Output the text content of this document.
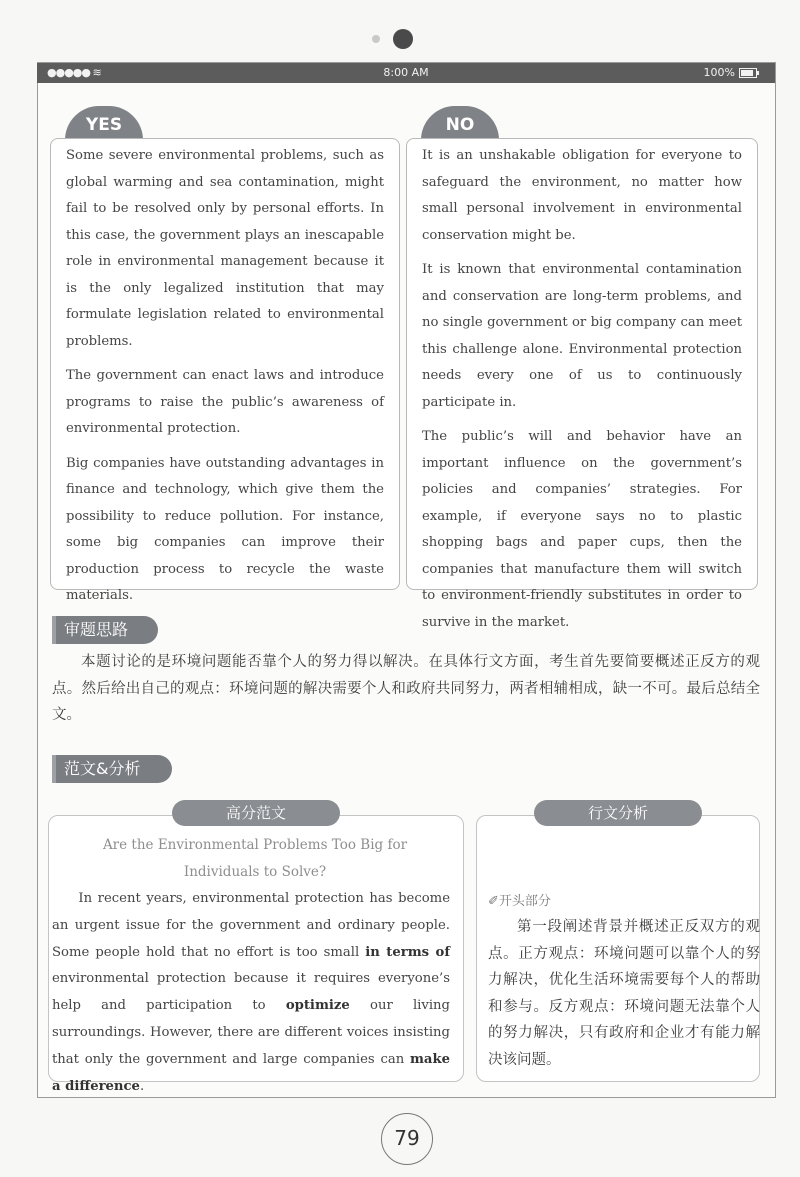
●●●●● ≋	8:00 AM	100%
YES

Some severe environmental problems, such as global warming and sea contamination, might fail to be resolved only by personal efforts. In this case, the government plays an inescapable role in environmental management because it is the only legalized institution that may formulate legislation related to environmental problems.

The government can enact laws and introduce programs to raise the public’s awareness of environmental protection.

Big companies have outstanding advantages in finance and technology, which give them the possibility to reduce pollution. For instance, some big companies can improve their production process to recycle the waste materials.

NO

It is an unshakable obligation for everyone to safeguard the environment, no matter how small personal involvement in environmental conservation might be.

It is known that environmental contamination and conservation are long-term problems, and no single government or big company can meet this challenge alone. Environmental protection needs every one of us to continuously participate in.

The public’s will and behavior have an important influence on the government’s policies and companies’ strategies. For example, if everyone says no to plastic shopping bags and paper cups, then the companies that manufacture them will switch to environment-friendly substitutes in order to survive in the market.

审题思路
本题讨论的是环境问题能否靠个人的努力得以解决。在具体行文方面，考生首先要简要概述正反方的观点。然后给出自己的观点：环境问题的解决需要个人和政府共同努力，两者相辅相成，缺一不可。最后总结全文。
范文&分析
高分范文
Are the Environmental Problems Too Big for
Individuals to Solve?
In recent years, environmental protection has become an urgent issue for the government and ordinary people. Some people hold that no effort is too small in terms of environmental protection because it requires everyone’s help and participation to optimize our living surroundings. However, there are different voices insisting that only the government and large companies can make a difference.
行文分析
✐开头部分
第一段阐述背景并概述正反双方的观点。正方观点：环境问题可以靠个人的努力解决，优化生活环境需要每个人的帮助和参与。反方观点：环境问题无法靠个人的努力解决，只有政府和企业才有能力解决该问题。
79
